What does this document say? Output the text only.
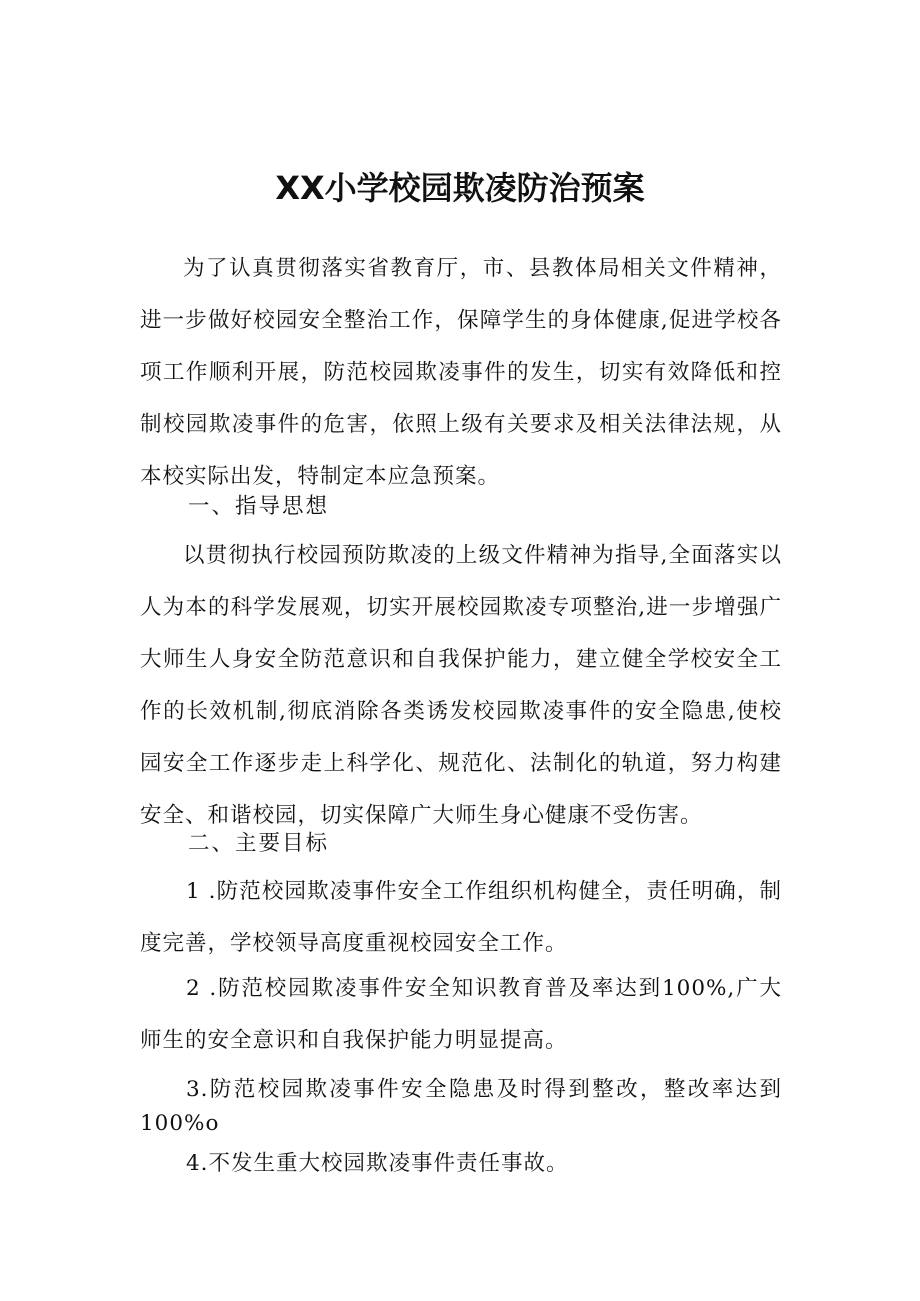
XX小学校园欺凌防治预案
为了认真贯彻落实省教育厅，市、县教体局相关文件精神，进一步做好校园安全整治工作，保障学生的身体健康,促进学校各项工作顺利开展，防范校园欺凌事件的发生，切实有效降低和控制校园欺凌事件的危害，依照上级有关要求及相关法律法规，从本校实际出发，特制定本应急预案。
一、指导思想
以贯彻执行校园预防欺凌的上级文件精神为指导,全面落实以人为本的科学发展观，切实开展校园欺凌专项整治,进一步增强广大师生人身安全防范意识和自我保护能力，建立健全学校安全工作的长效机制,彻底消除各类诱发校园欺凌事件的安全隐患,使校园安全工作逐步走上科学化、规范化、法制化的轨道，努力构建安全、和谐校园，切实保障广大师生身心健康不受伤害。
二、主要目标
1 .防范校园欺凌事件安全工作组织机构健全，责任明确，制度完善，学校领导高度重视校园安全工作。
2 .防范校园欺凌事件安全知识教育普及率达到100%,广大师生的安全意识和自我保护能力明显提高。
3.防范校园欺凌事件安全隐患及时得到整改，整改率达到100%o
4.不发生重大校园欺凌事件责任事故。
